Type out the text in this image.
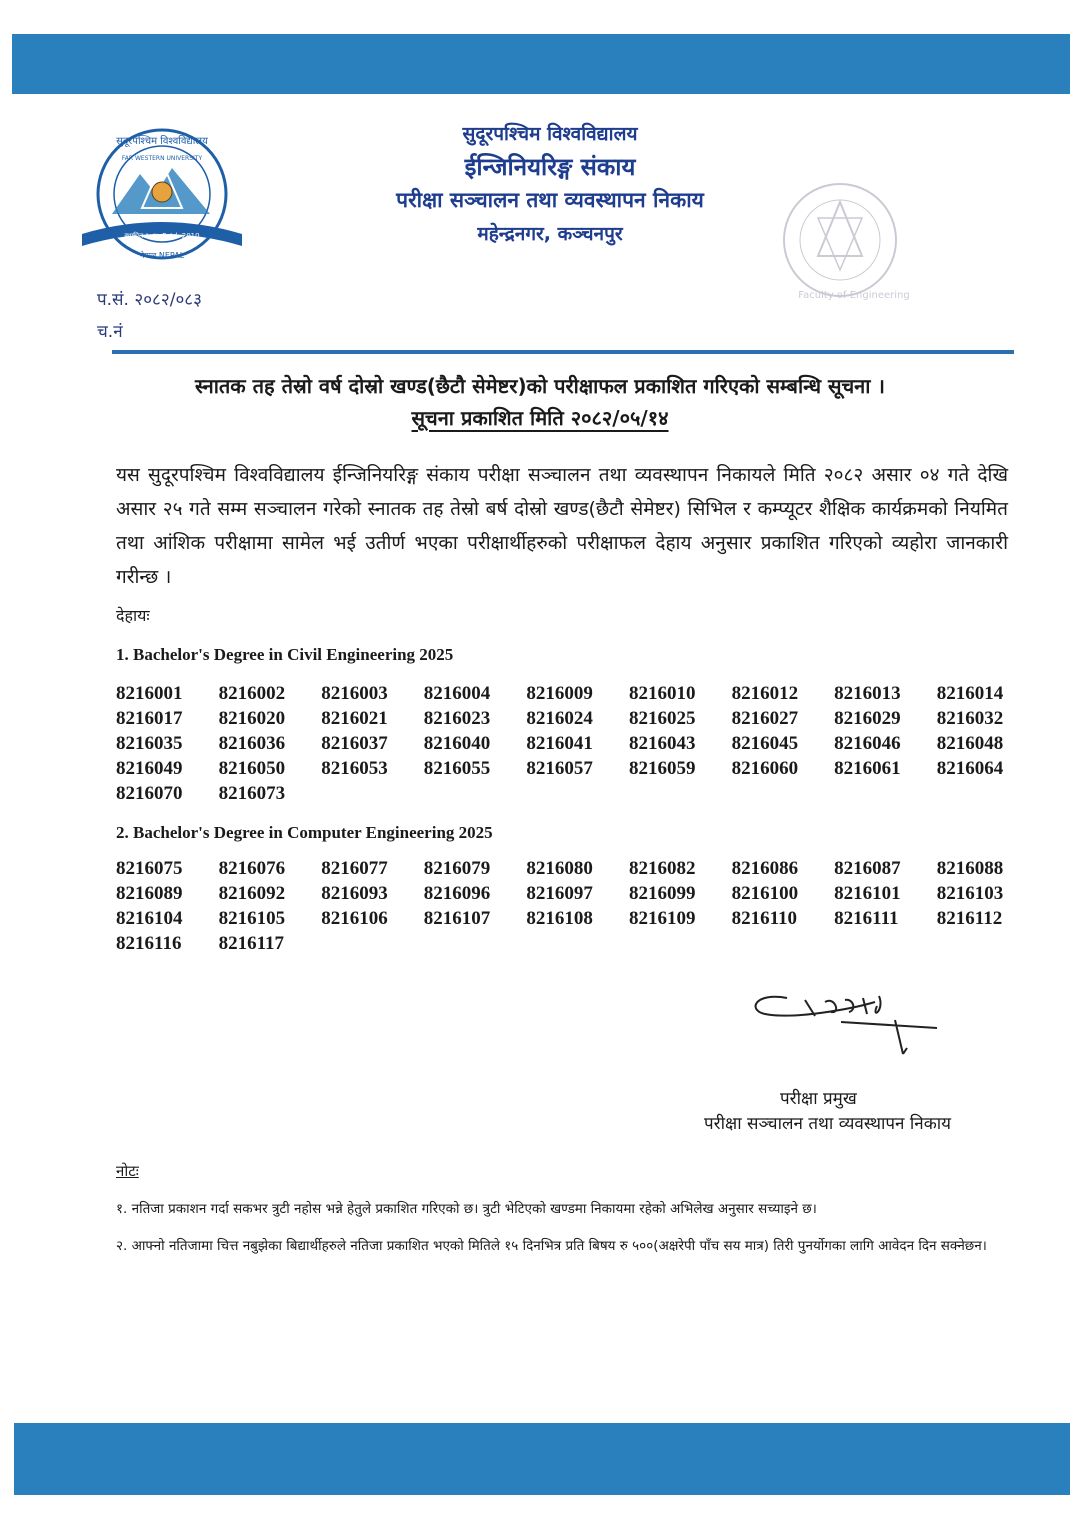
स्थापित २०६७ Estd. 2010
नेपाल NEPAL
सुदूरपश्चिम विश्वविद्यालय
FAR WESTERN UNIVERSITY
सुदूरपश्चिम विश्वविद्यालय
ईन्जिनियरिङ्ग संकाय
परीक्षा सञ्चालन तथा व्यवस्थापन निकाय
महेन्द्रनगर, कञ्चनपुर
Faculty of Engineering
प.सं. २०८२/०८३
च.नं
स्नातक तह तेस्रो वर्ष दोस्रो खण्ड(छैटौ सेमेष्टर)को परीक्षाफल प्रकाशित गरिएको सम्बन्धि सूचना ।
सूचना प्रकाशित मिति २०८२/०५/१४
यस सुदूरपश्चिम विश्वविद्यालय ईन्जिनियरिङ्ग संकाय परीक्षा सञ्चालन तथा व्यवस्थापन निकायले मिति २०८२ असार ०४ गते देखि असार २५ गते सम्म सञ्चालन गरेको स्नातक तह तेस्रो बर्ष दोस्रो खण्ड(छैटौ सेमेष्टर) सिभिल र कम्प्यूटर शैक्षिक कार्यक्रमको नियमित तथा आंशिक परीक्षामा सामेल भई उतीर्ण भएका परीक्षार्थीहरुको परीक्षाफल देहाय अनुसार प्रकाशित गरिएको व्यहोरा जानकारी गरीन्छ ।
देहायः
1. Bachelor's Degree in Civil Engineering 2025
8216001	8216002	8216003	8216004	8216009	8216010	8216012	8216013	8216014
8216017	8216020	8216021	8216023	8216024	8216025	8216027	8216029	8216032
8216035	8216036	8216037	8216040	8216041	8216043	8216045	8216046	8216048
8216049	8216050	8216053	8216055	8216057	8216059	8216060	8216061	8216064
8216070	8216073
2. Bachelor's Degree in Computer Engineering 2025
8216075	8216076	8216077	8216079	8216080	8216082	8216086	8216087	8216088
8216089	8216092	8216093	8216096	8216097	8216099	8216100	8216101	8216103
8216104	8216105	8216106	8216107	8216108	8216109	8216110	8216111	8216112
8216116	8216117
परीक्षा प्रमुख
परीक्षा सञ्चालन तथा व्यवस्थापन निकाय
नोटः
१. नतिजा प्रकाशन गर्दा सकभर त्रुटी नहोस भन्ने हेतुले प्रकाशित गरिएको छ। त्रुटी भेटिएको खण्डमा निकायमा रहेको अभिलेख अनुसार सच्याइने छ।
२. आफ्नो नतिजामा चित्त नबुझेका बिद्यार्थीहरुले नतिजा प्रकाशित भएको मितिले १५ दिनभित्र प्रति बिषय रु ५००(अक्षरेपी पाँच सय मात्र) तिरी पुनर्योगका लागि आवेदन दिन सक्नेछन।
